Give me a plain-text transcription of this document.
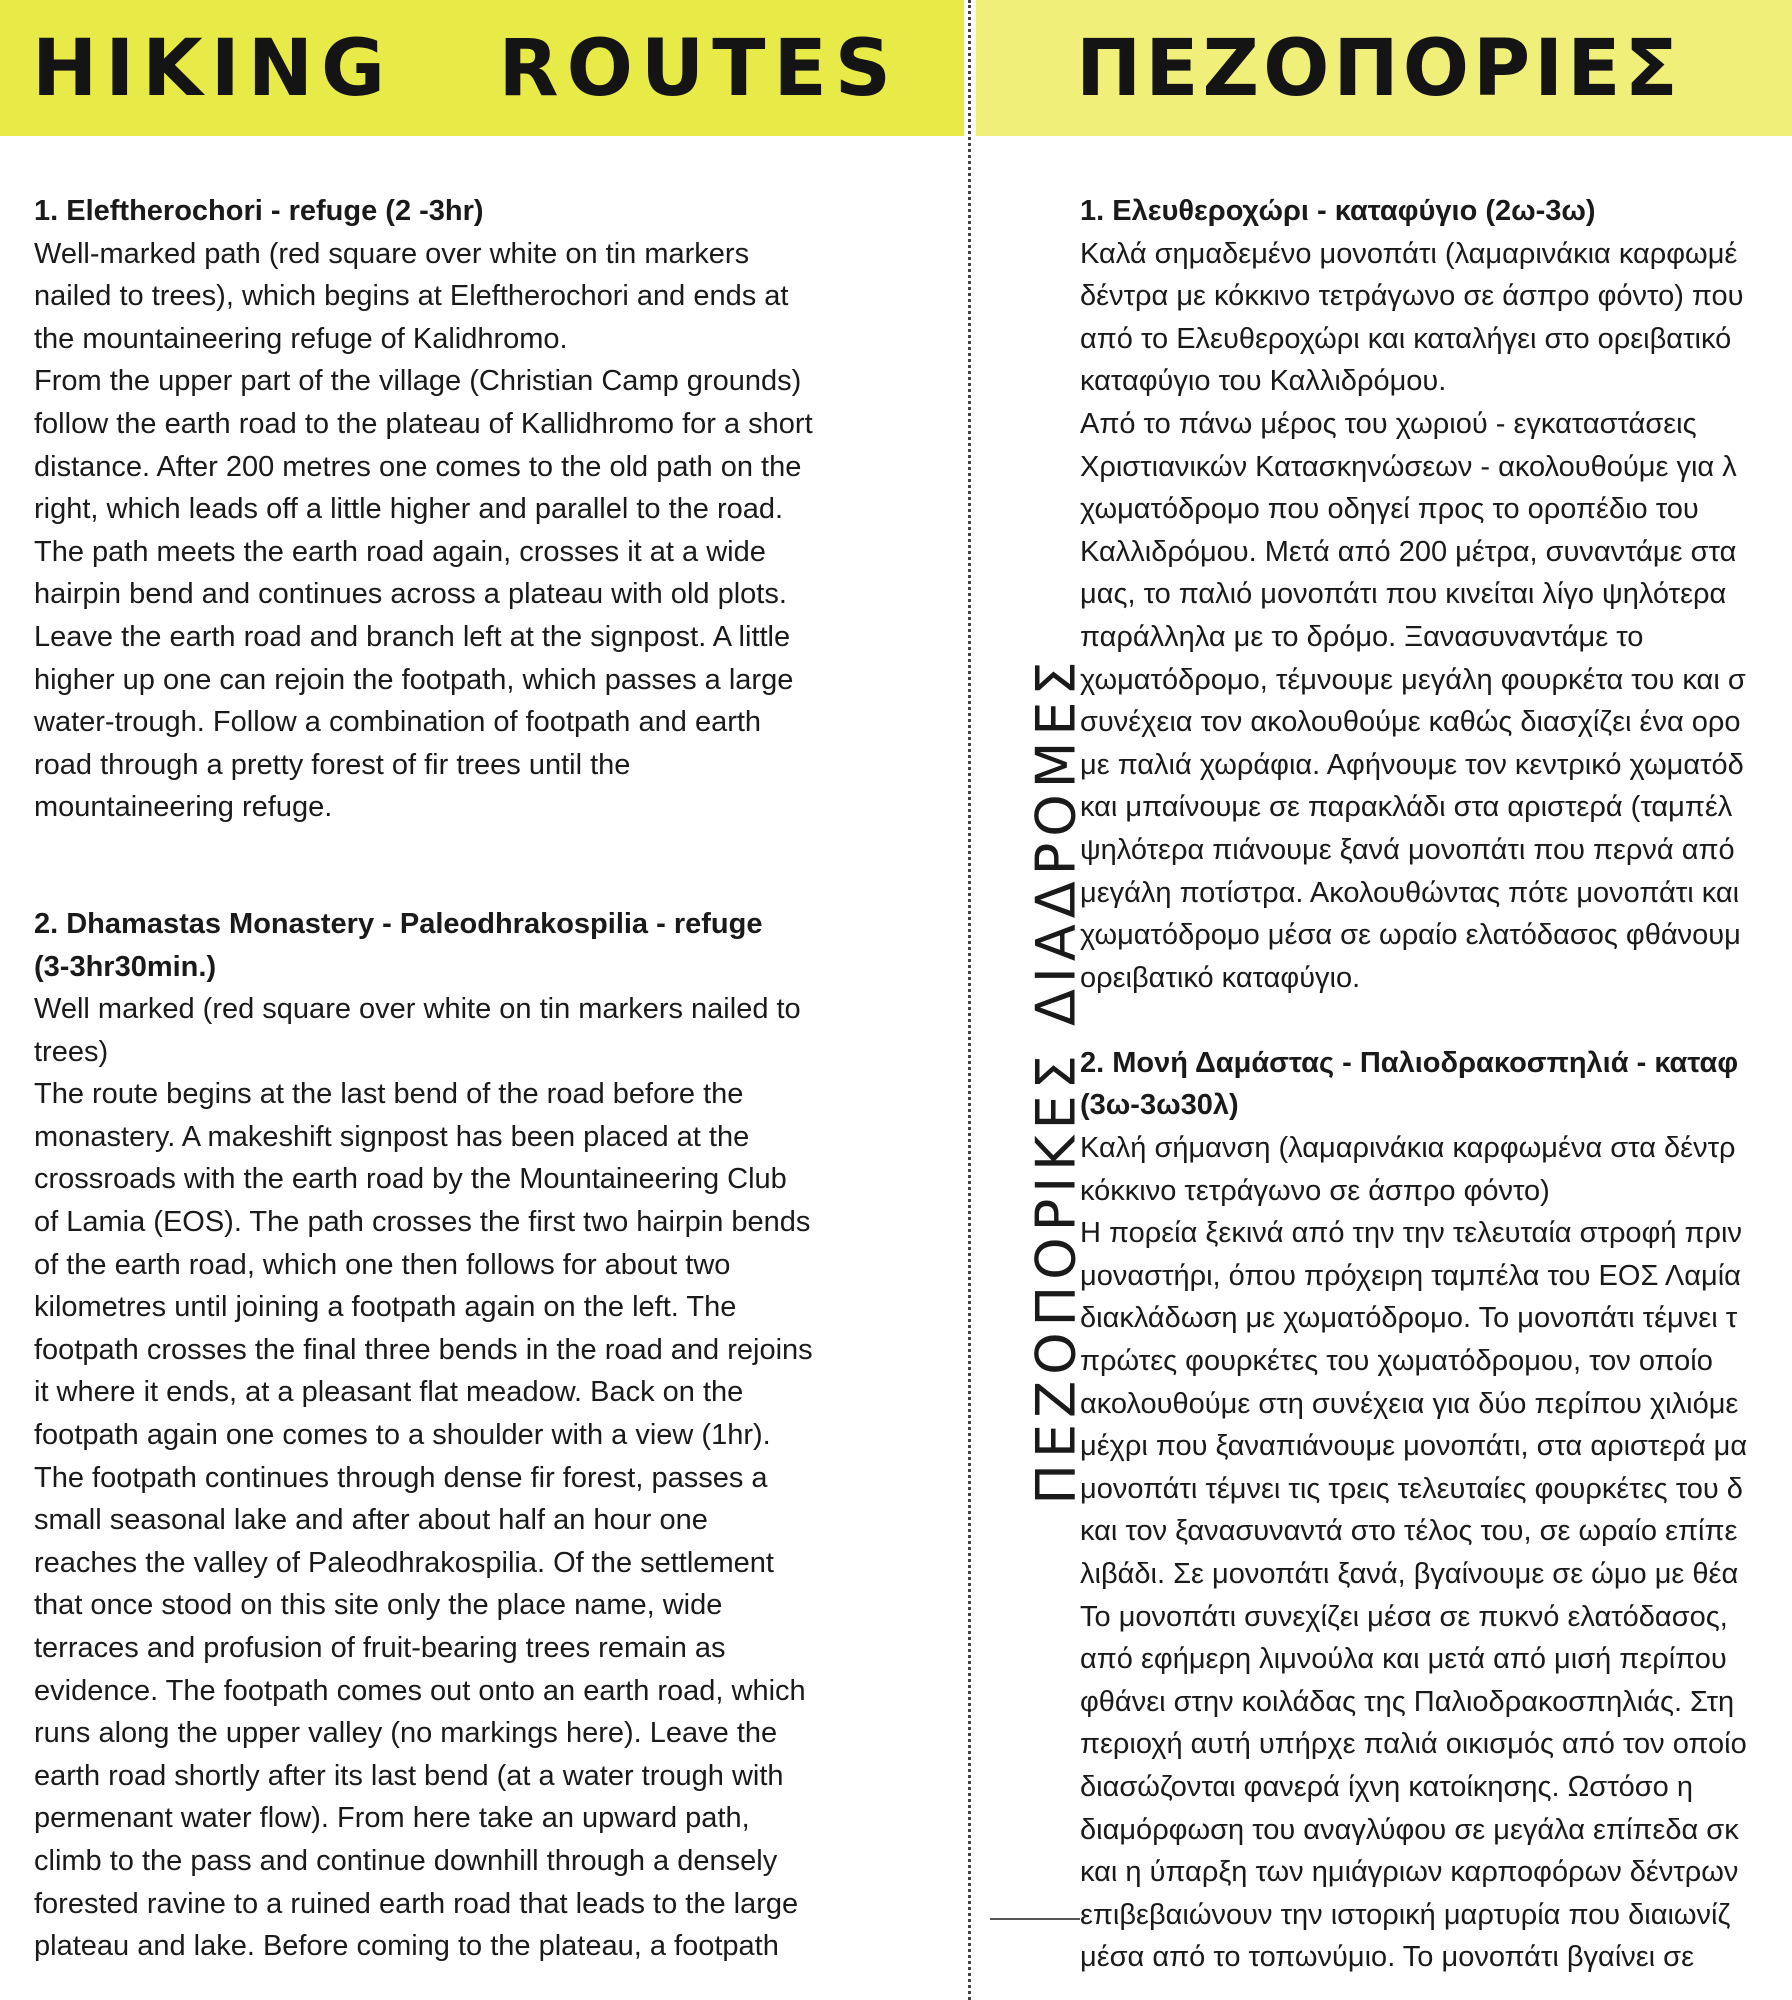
HIKING   ROUTES ΠΕΖΟΠΟΡΙΕΣ
1. Eleftherochori - refuge (2 -3hr)
Well-marked path (red square over white on tin markers
nailed to trees), which begins at Eleftherochori and ends at
the mountaineering refuge of Kalidhromo.
From the upper part of the village (Christian Camp grounds)
follow the earth road to the plateau of Kallidhromo for a short
distance. After 200 metres one comes to the old path on the
right, which leads off a little higher and parallel to the road.
The path meets the earth road again, crosses it at a wide
hairpin bend and continues across a plateau with old plots.
Leave the earth road and branch left at the signpost. A little
higher up one can rejoin the footpath, which passes a large
water-trough. Follow a combination of footpath and earth
road through a pretty forest of fir trees until the
mountaineering refuge.
2. Dhamastas Monastery - Paleodhrakospilia - refuge
(3-3hr30min.)
Well marked (red square over white on tin markers nailed to
trees)
The route begins at the last bend of the road before the
monastery. A makeshift signpost has been placed at the
crossroads with the earth road by the Mountaineering Club
of Lamia (EOS). The path crosses the first two hairpin bends
of the earth road, which one then follows for about two
kilometres until joining a footpath again on the left. The
footpath crosses the final three bends in the road and rejoins
it where it ends, at a pleasant flat meadow. Back on the
footpath again one comes to a shoulder with a view (1hr).
The footpath continues through dense fir forest, passes a
small seasonal lake and after about half an hour one
reaches the valley of Paleodhrakospilia. Of the settlement
that once stood on this site only the place name, wide
terraces and profusion of fruit-bearing trees remain as
evidence. The footpath comes out onto an earth road, which
runs along the upper valley (no markings here). Leave the
earth road shortly after its last bend (at a water trough with
permenant water flow). From here take an upward path,
climb to the pass and continue downhill through a densely
forested ravine to a ruined earth road that leads to the large
plateau and lake. Before coming to the plateau, a footpath
ΠΕΖΟΠΟΡΙΚΕΣ ΔΙΑΔΡΟΜΕΣ
1. Ελευθεροχώρι - καταφύγιο (2ω-3ω)
Καλά σημαδεμένο μονοπάτι (λαμαρινάκια καρφωμέ
δέντρα με κόκκινο τετράγωνο σε άσπρο φόντο) που
από το Ελευθεροχώρι και καταλήγει στο ορειβατικό
καταφύγιο του Καλλιδρόμου.
Από το πάνω μέρος του χωριού - εγκαταστάσεις
Χριστιανικών Κατασκηνώσεων - ακολουθούμε για λ
χωματόδρομο που οδηγεί προς το οροπέδιο του
Καλλιδρόμου. Μετά από 200 μέτρα, συναντάμε στα
μας, το παλιό μονοπάτι που κινείται λίγο ψηλότερα
παράλληλα με το δρόμο. Ξανασυναντάμε το
χωματόδρομο, τέμνουμε μεγάλη φουρκέτα του και σ
συνέχεια τον ακολουθούμε καθώς διασχίζει ένα ορο
με παλιά χωράφια. Αφήνουμε τον κεντρικό χωματόδ
και μπαίνουμε σε παρακλάδι στα αριστερά (ταμπέλ
ψηλότερα πιάνουμε ξανά μονοπάτι που περνά από
μεγάλη ποτίστρα. Ακολουθώντας πότε μονοπάτι και
χωματόδρομο μέσα σε ωραίο ελατόδασος φθάνουμ
ορειβατικό καταφύγιο.
2. Μονή Δαμάστας - Παλιοδρακοσπηλιά - καταφ
(3ω-3ω30λ)
Καλή σήμανση (λαμαρινάκια καρφωμένα στα δέντρ
κόκκινο τετράγωνο σε άσπρο φόντο)
Η πορεία ξεκινά από την την τελευταία στροφή πριν
μοναστήρι, όπου πρόχειρη ταμπέλα του ΕΟΣ Λαμία
διακλάδωση με χωματόδρομο. Το μονοπάτι τέμνει τ
πρώτες φουρκέτες του χωματόδρομου, τον οποίο
ακολουθούμε στη συνέχεια για δύο περίπου χιλιόμε
μέχρι που ξαναπιάνουμε μονοπάτι, στα αριστερά μα
μονοπάτι τέμνει τις τρεις τελευταίες φουρκέτες του δ
και τον ξανασυναντά στο τέλος του, σε ωραίο επίπε
λιβάδι. Σε μονοπάτι ξανά, βγαίνουμε σε ώμο με θέα
Το μονοπάτι συνεχίζει μέσα σε πυκνό ελατόδασος,
από εφήμερη λιμνούλα και μετά από μισή περίπου
φθάνει στην κοιλάδας της Παλιοδρακοσπηλιάς. Στη
περιοχή αυτή υπήρχε παλιά οικισμός από τον οποίο
διασώζονται φανερά ίχνη κατοίκησης. Ωστόσο η
διαμόρφωση του αναγλύφου σε μεγάλα επίπεδα σκ
και η ύπαρξη των ημιάγριων καρποφόρων δέντρων
επιβεβαιώνουν την ιστορική μαρτυρία που διαιωνίζ
μέσα από το τοπωνύμιο. Το μονοπάτι βγαίνει σε
